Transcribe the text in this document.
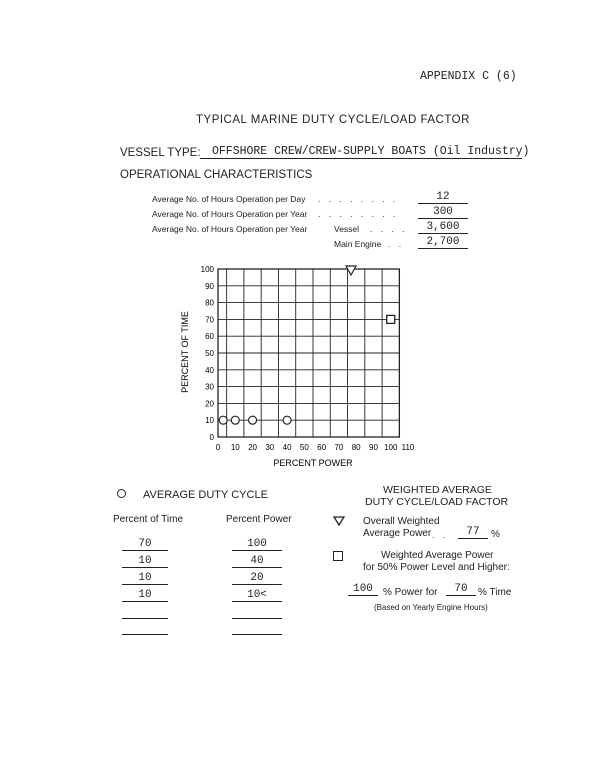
APPENDIX C (6)
TYPICAL MARINE DUTY CYCLE/LOAD FACTOR
VESSEL TYPE: OFFSHORE CREW/CREW-SUPPLY BOATS (Oil Industry)
OPERATIONAL CHARACTERISTICS
Average No. of Hours Operation per Day . . . . . . . .	12
Average No. of Hours Operation per Year . . . . . . . .	300
Average No. of Hours Operation per Year	Vessel . . . .	3,600
Main Engine . .	2,700
0 10 20 30 40 50 60 70 80 90 100 110
0
10
20
30
40
50
60
70
80
90
100
PERCENT POWER
PERCENT OF TIME
AVERAGE DUTY CYCLE
Percent of Time	Percent Power
70	100
10	40
10	20
10	10<
WEIGHTED AVERAGE
DUTY CYCLE/LOAD FACTOR
Overall Weighted
Average Power . .	77	%
Weighted Average Power
for 50% Power Level and Higher:
100	% Power for	70	% Time
(Based on Yearly Engine Hours)
